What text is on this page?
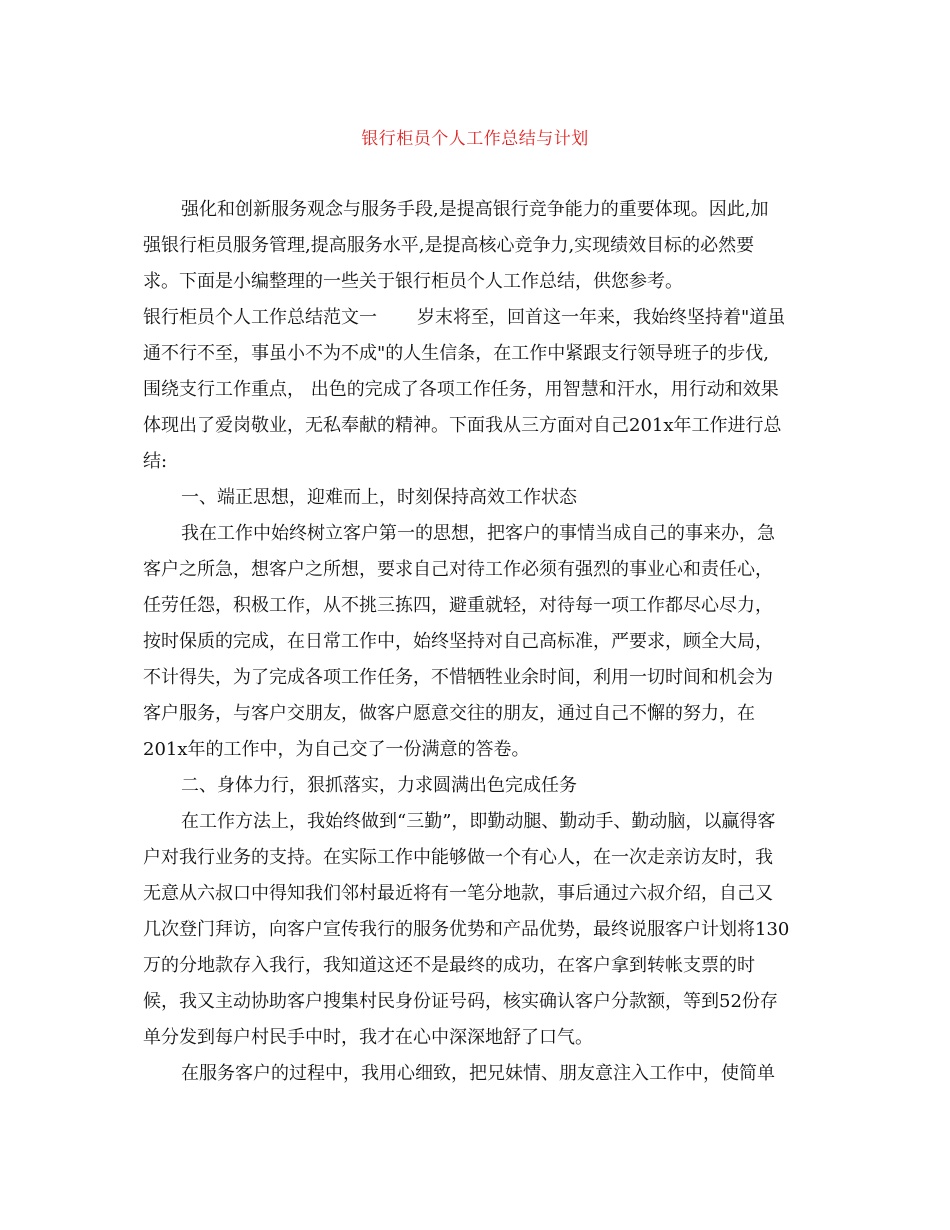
银行柜员个人工作总结与计划
强化和创新服务观念与服务手段,是提高银行竞争能力的重要体现。因此,加
强银行柜员服务管理,提高服务水平,是提高核心竞争力,实现绩效目标的必然要
求。下面是小编整理的一些关于银行柜员个人工作总结，供您参考。
银行柜员个人工作总结范文一 岁末将至，回首这一年来，我始终坚持着"道虽
通不行不至，事虽小不为不成"的人生信条，在工作中紧跟支行领导班子的步伐,
围绕支行工作重点， 出色的完成了各项工作任务，用智慧和汗水，用行动和效果
体现出了爱岗敬业，无私奉献的精神。下面我从三方面对自己201x年工作进行总
结:
一、端正思想，迎难而上，时刻保持高效工作状态
我在工作中始终树立客户第一的思想，把客户的事情当成自己的事来办，急
客户之所急，想客户之所想，要求自己对待工作必须有强烈的事业心和责任心，
任劳任怨，积极工作，从不挑三拣四，避重就轻，对待每一项工作都尽心尽力，
按时保质的完成，在日常工作中，始终坚持对自己高标准，严要求，顾全大局，
不计得失，为了完成各项工作任务，不惜牺牲业余时间，利用一切时间和机会为
客户服务，与客户交朋友，做客户愿意交往的朋友，通过自己不懈的努力，在
201x年的工作中，为自己交了一份满意的答卷。
二、身体力行，狠抓落实，力求圆满出色完成任务
在工作方法上，我始终做到“三勤”，即勤动腿、勤动手、勤动脑，以赢得客
户对我行业务的支持。在实际工作中能够做一个有心人，在一次走亲访友时，我
无意从六叔口中得知我们邻村最近将有一笔分地款，事后通过六叔介绍，自己又
几次登门拜访，向客户宣传我行的服务优势和产品优势，最终说服客户计划将130
万的分地款存入我行，我知道这还不是最终的成功，在客户拿到转帐支票的时
候，我又主动协助客户搜集村民身份证号码，核实确认客户分款额，等到52份存
单分发到每户村民手中时，我才在心中深深地舒了口气。
在服务客户的过程中，我用心细致，把兄妹情、朋友意注入工作中，使简单
